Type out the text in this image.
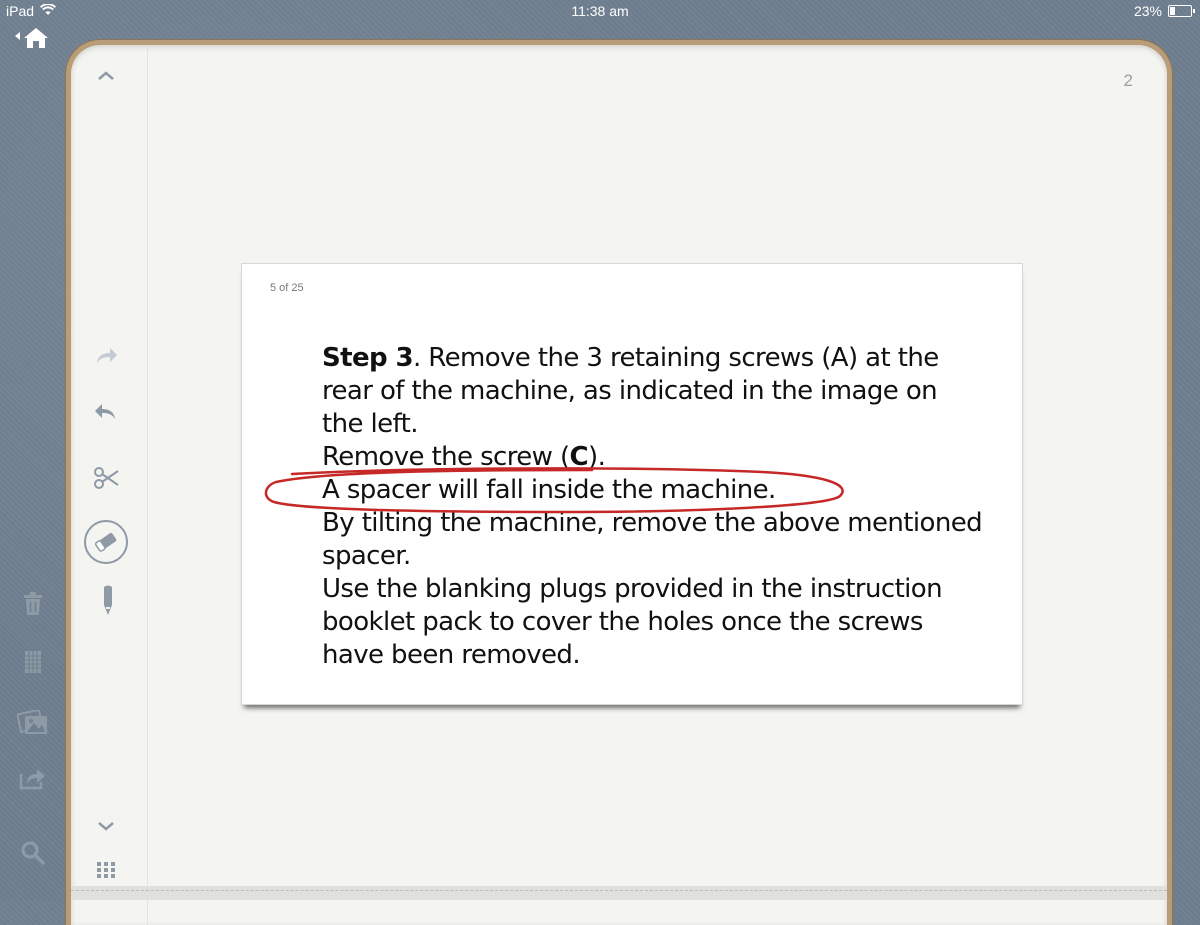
iPad	11:38 am	23%
2
5 of 25

Step 3. Remove the 3 retaining screws (A) at the

rear of the machine, as indicated in the image on

the left.

Remove the screw (C).

A spacer will fall inside the machine.

By tilting the machine, remove the above mentioned

spacer.

Use the blanking plugs provided in the instruction

booklet pack to cover the holes once the screws

have been removed.
